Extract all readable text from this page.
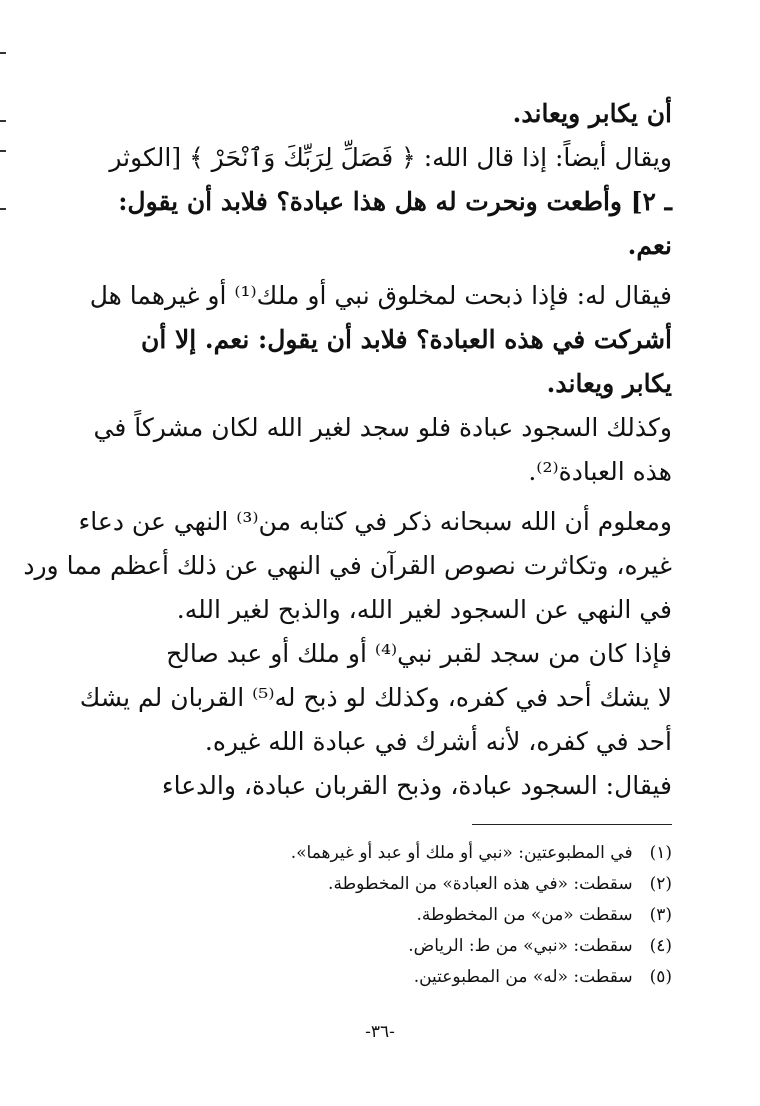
أن يكابر ويعاند.
ويقال أيضاً: إذا قال الله: ﴿ فَصَلِّ لِرَبِّكَ وَٱنْحَرْ ﴾ [الكوثر
ـ ٢] وأطعت ونحرت له هل هذا عبادة؟ فلابد أن يقول:
نعم.
فيقال له: فإذا ذبحت لمخلوق نبي أو ملك⁽¹⁾ أو غيرهما هل
أشركت في هذه العبادة؟ فلابد أن يقول: نعم. إلا أن
يكابر ويعاند.
وكذلك السجود عبادة فلو سجد لغير الله لكان مشركاً في
هذه العبادة⁽²⁾.
ومعلوم أن الله سبحانه ذكر في كتابه من⁽³⁾ النهي عن دعاء
غيره، وتكاثرت نصوص القرآن في النهي عن ذلك أعظم مما ورد
في النهي عن السجود لغير الله، والذبح لغير الله.
فإذا كان من سجد لقبر نبي⁽⁴⁾ أو ملك أو عبد صالح
لا يشك أحد في كفره، وكذلك لو ذبح له⁽⁵⁾ القربان لم يشك
أحد في كفره، لأنه أشرك في عبادة الله غيره.
فيقال: السجود عبادة، وذبح القربان عبادة، والدعاء
(١) في المطبوعتين: «نبي أو ملك أو عبد أو غيرهما».
(٢) سقطت: «في هذه العبادة» من المخطوطة.
(٣) سقطت «من» من المخطوطة.
(٤) سقطت: «نبي» من ط: الرياض.
(٥) سقطت: «له» من المطبوعتين.
-٣٦-
